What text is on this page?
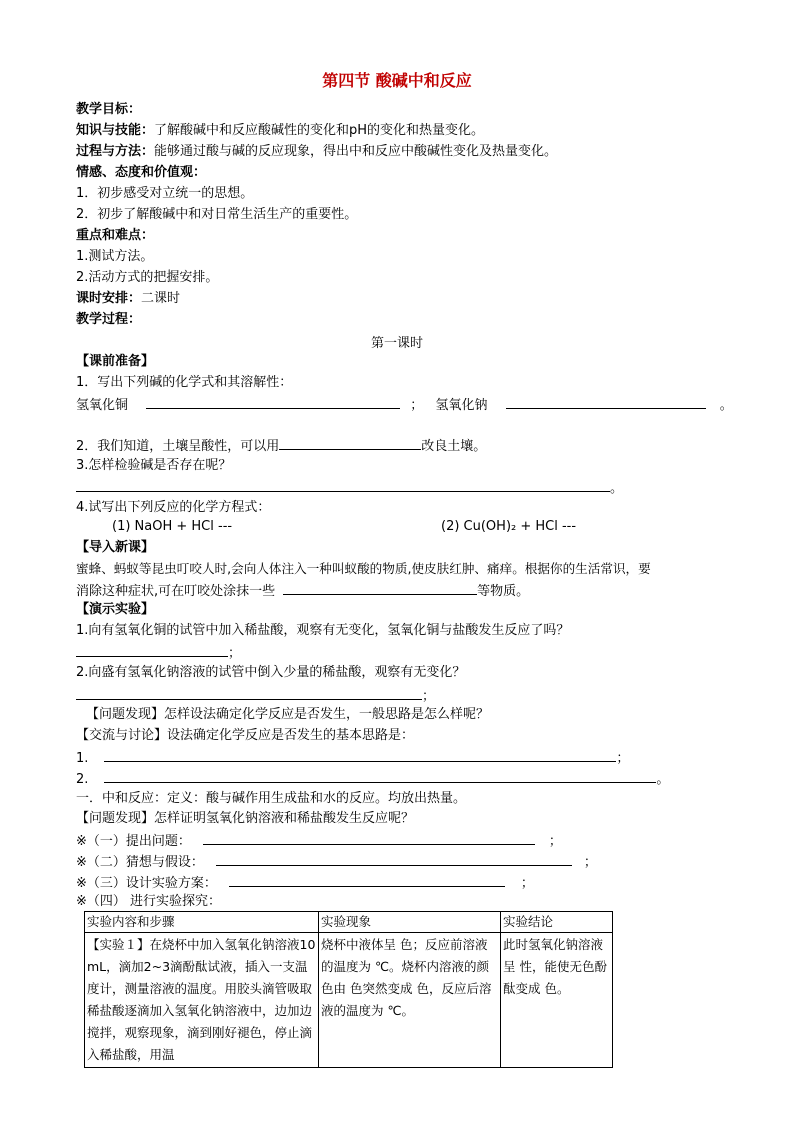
第四节 酸碱中和反应
教学目标：
知识与技能：了解酸碱中和反应酸碱性的变化和pH的变化和热量变化。
过程与方法：能够通过酸与碱的反应现象，得出中和反应中酸碱性变化及热量变化。
情感、态度和价值观：
1．初步感受对立统一的思想。
2．初步了解酸碱中和对日常生活生产的重要性。
重点和难点：
1.测试方法。
2.活动方式的把握安排。
课时安排：二课时
教学过程：
第一课时
【课前准备】
1．写出下列碱的化学式和其溶解性：
氢氧化铜	； 氢氧化钠	。
2．我们知道，土壤呈酸性，可以用	改良土壤。
3.怎样检验碱是否存在呢？
。
4.试写出下列反应的化学方程式：
(1) NaOH + HCl ---	(2) Cu(OH)₂ + HCl ---
【导入新课】
蜜蜂、蚂蚁等昆虫叮咬人时,会向人体注入一种叫蚁酸的物质,使皮肤红肿、痛痒。根据你的生活常识，要
消除这种症状,可在叮咬处涂抹一些	等物质。
【演示实验】
1.向有氢氧化铜的试管中加入稀盐酸，观察有无变化，氢氧化铜与盐酸发生反应了吗？
；
2.向盛有氢氧化钠溶液的试管中倒入少量的稀盐酸，观察有无变化？
；
【问题发现】怎样设法确定化学反应是否发生，一般思路是怎么样呢？
【交流与讨论】设法确定化学反应是否发生的基本思路是：
1.	；
2.	。
一．中和反应：定义：酸与碱作用生成盐和水的反应。均放出热量。
【问题发现】怎样证明氢氧化钠溶液和稀盐酸发生反应呢？
※（一）提出问题：	；
※（二）猜想与假设：	；
※（三）设计实验方案：	；
※（四） 进行实验探究：
实验内容和步骤	实验现象	实验结论
【实验１】在烧杯中加入氢氧化钠溶液10mL，滴加2~3滴酚酞试液，插入一支温度计，测量溶液的温度。用胶头滴管吸取稀盐酸逐滴加入氢氧化钠溶液中，边加边搅拌，观察现象，滴到刚好褪色，停止滴入稀盐酸，用温	烧杯中液体呈 色；反应前溶液的温度为 ℃。烧杯内溶液的颜色由 色突然变成 色，反应后溶液的温度为 ℃。	此时氢氧化钠溶液呈 性，能使无色酚酞变成 色。
